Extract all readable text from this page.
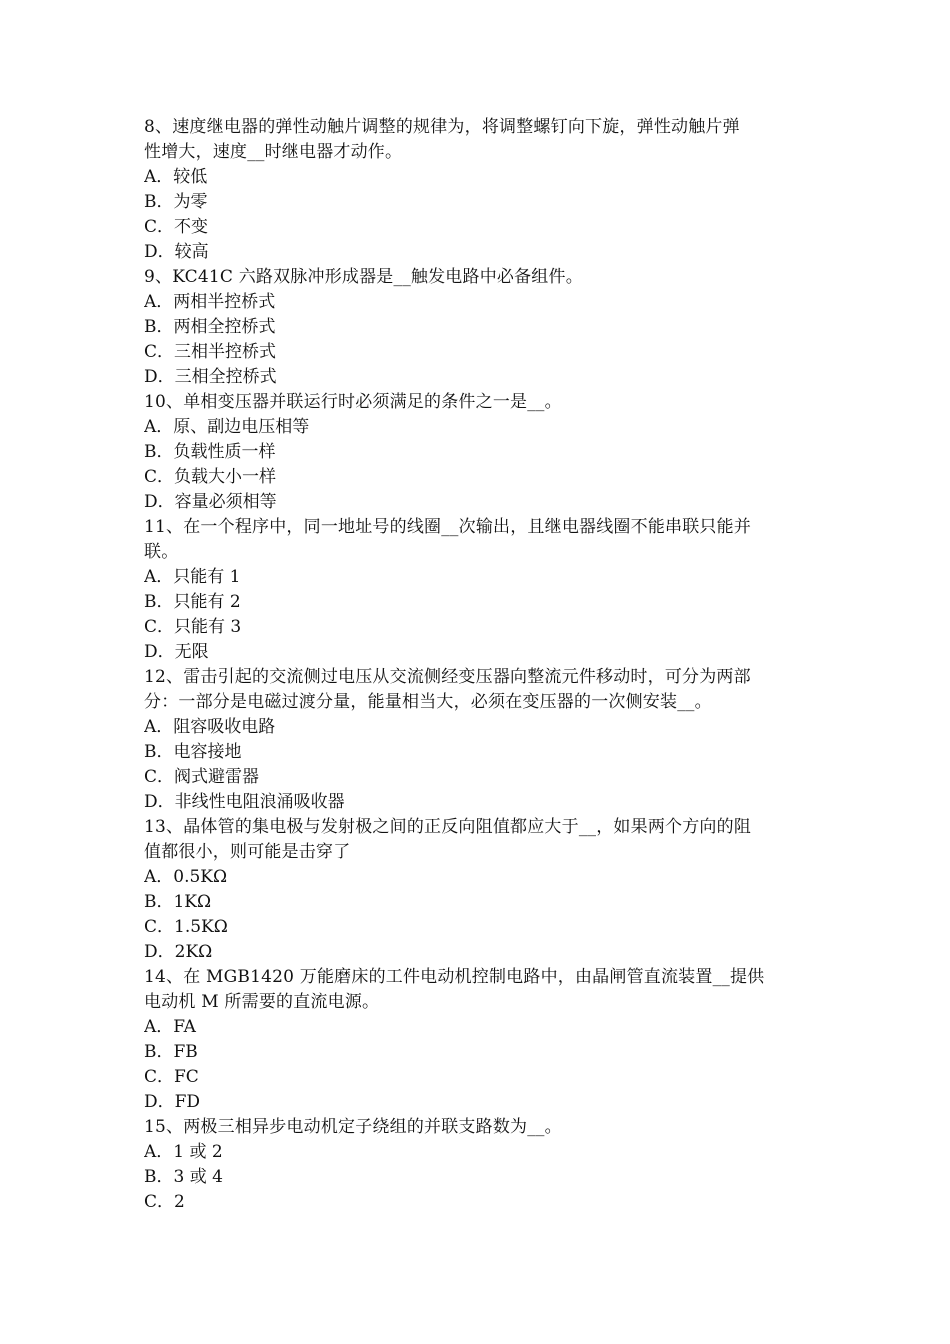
8、速度继电器的弹性动触片调整的规律为，将调整螺钉向下旋，弹性动触片弹
性增大，速度__时继电器才动作。
A．较低
B．为零
C．不变
D．较高
9、KC41C 六路双脉冲形成器是__触发电路中必备组件。
A．两相半控桥式
B．两相全控桥式
C．三相半控桥式
D．三相全控桥式
10、单相变压器并联运行时必须满足的条件之一是__。
A．原、副边电压相等
B．负载性质一样
C．负载大小一样
D．容量必须相等
11、在一个程序中，同一地址号的线圈__次输出，且继电器线圈不能串联只能并
联。
A．只能有 1
B．只能有 2
C．只能有 3
D．无限
12、雷击引起的交流侧过电压从交流侧经变压器向整流元件移动时，可分为两部
分：一部分是电磁过渡分量，能量相当大，必须在变压器的一次侧安装__。
A．阻容吸收电路
B．电容接地
C．阀式避雷器
D．非线性电阻浪涌吸收器
13、晶体管的集电极与发射极之间的正反向阻值都应大于__，如果两个方向的阻
值都很小，则可能是击穿了
A．0.5KΩ
B．1KΩ
C．1.5KΩ
D．2KΩ
14、在 MGB1420 万能磨床的工件电动机控制电路中，由晶闸管直流装置__提供
电动机 M 所需要的直流电源。
A．FA
B．FB
C．FC
D．FD
15、两极三相异步电动机定子绕组的并联支路数为__。
A．1 或 2
B．3 或 4
C．2
